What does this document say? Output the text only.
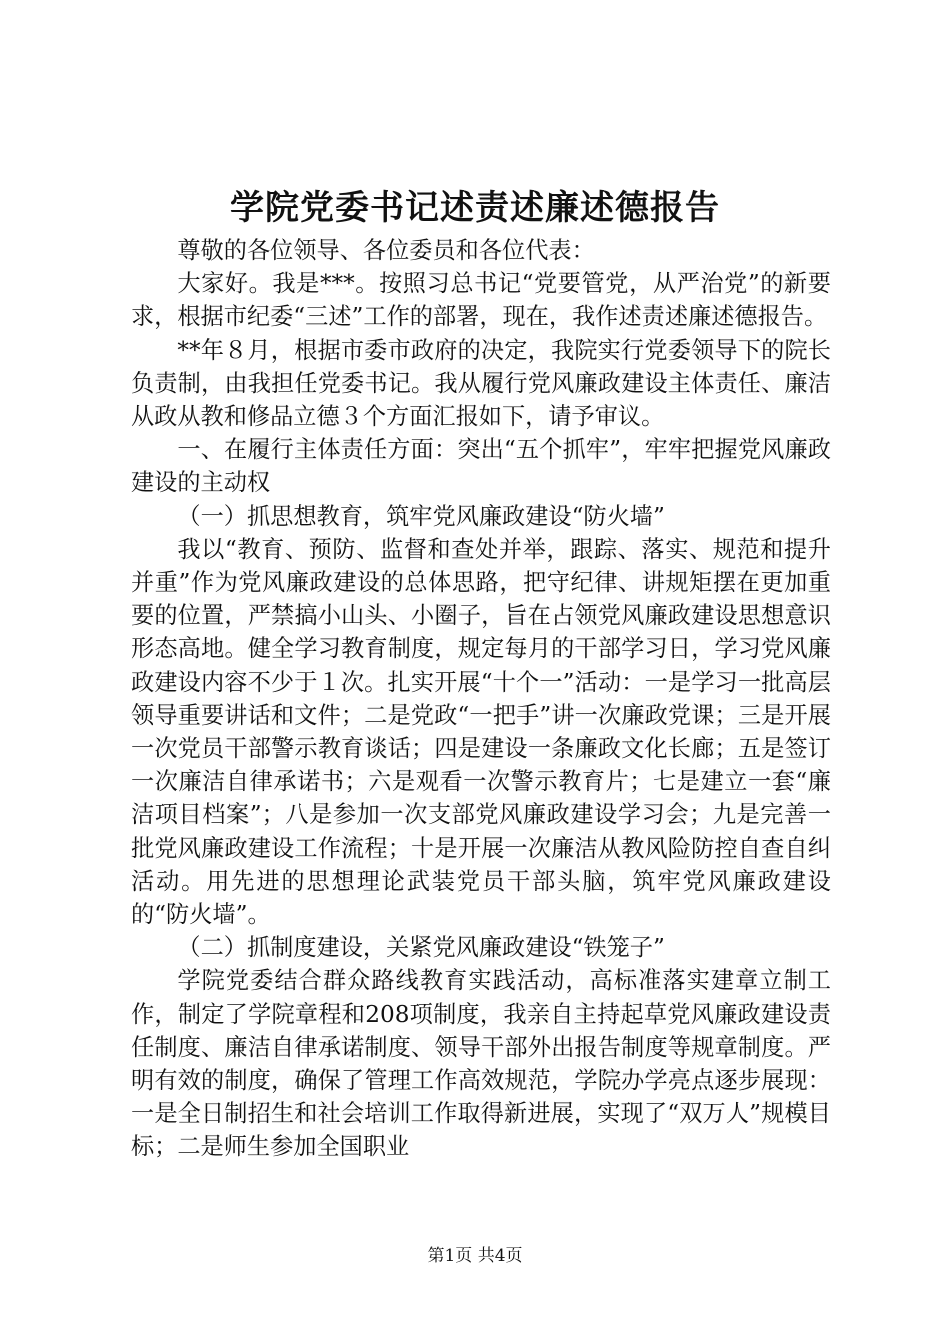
学院党委书记述责述廉述德报告

尊敬的各位领导、各位委员和各位代表：

大家好。我是***。按照习总书记“党要管党，从严治党”的新要求，根据市纪委“三述”工作的部署，现在，我作述责述廉述德报告。

**年８月，根据市委市政府的决定，我院实行党委领导下的院长负责制，由我担任党委书记。我从履行党风廉政建设主体责任、廉洁从政从教和修品立德３个方面汇报如下，请予审议。

一、在履行主体责任方面：突出“五个抓牢”，牢牢把握党风廉政建设的主动权

（一）抓思想教育，筑牢党风廉政建设“防火墙”

我以“教育、预防、监督和查处并举，跟踪、落实、规范和提升并重”作为党风廉政建设的总体思路，把守纪律、讲规矩摆在更加重要的位置，严禁搞小山头、小圈子，旨在占领党风廉政建设思想意识形态高地。健全学习教育制度，规定每月的干部学习日，学习党风廉政建设内容不少于１次。扎实开展“十个一”活动：一是学习一批高层领导重要讲话和文件；二是党政“一把手”讲一次廉政党课；三是开展一次党员干部警示教育谈话；四是建设一条廉政文化长廊；五是签订一次廉洁自律承诺书；六是观看一次警示教育片；七是建立一套“廉洁项目档案”；八是参加一次支部党风廉政建设学习会；九是完善一批党风廉政建设工作流程；十是开展一次廉洁从教风险防控自查自纠活动。用先进的思想理论武装党员干部头脑，筑牢党风廉政建设的“防火墙”。

（二）抓制度建设，关紧党风廉政建设“铁笼子”

学院党委结合群众路线教育实践活动，高标准落实建章立制工作，制定了学院章程和208项制度，我亲自主持起草党风廉政建设责任制度、廉洁自律承诺制度、领导干部外出报告制度等规章制度。严明有效的制度，确保了管理工作高效规范，学院办学亮点逐步展现：一是全日制招生和社会培训工作取得新进展，实现了“双万人”规模目标；二是师生参加全国职业

第1页 共4页
